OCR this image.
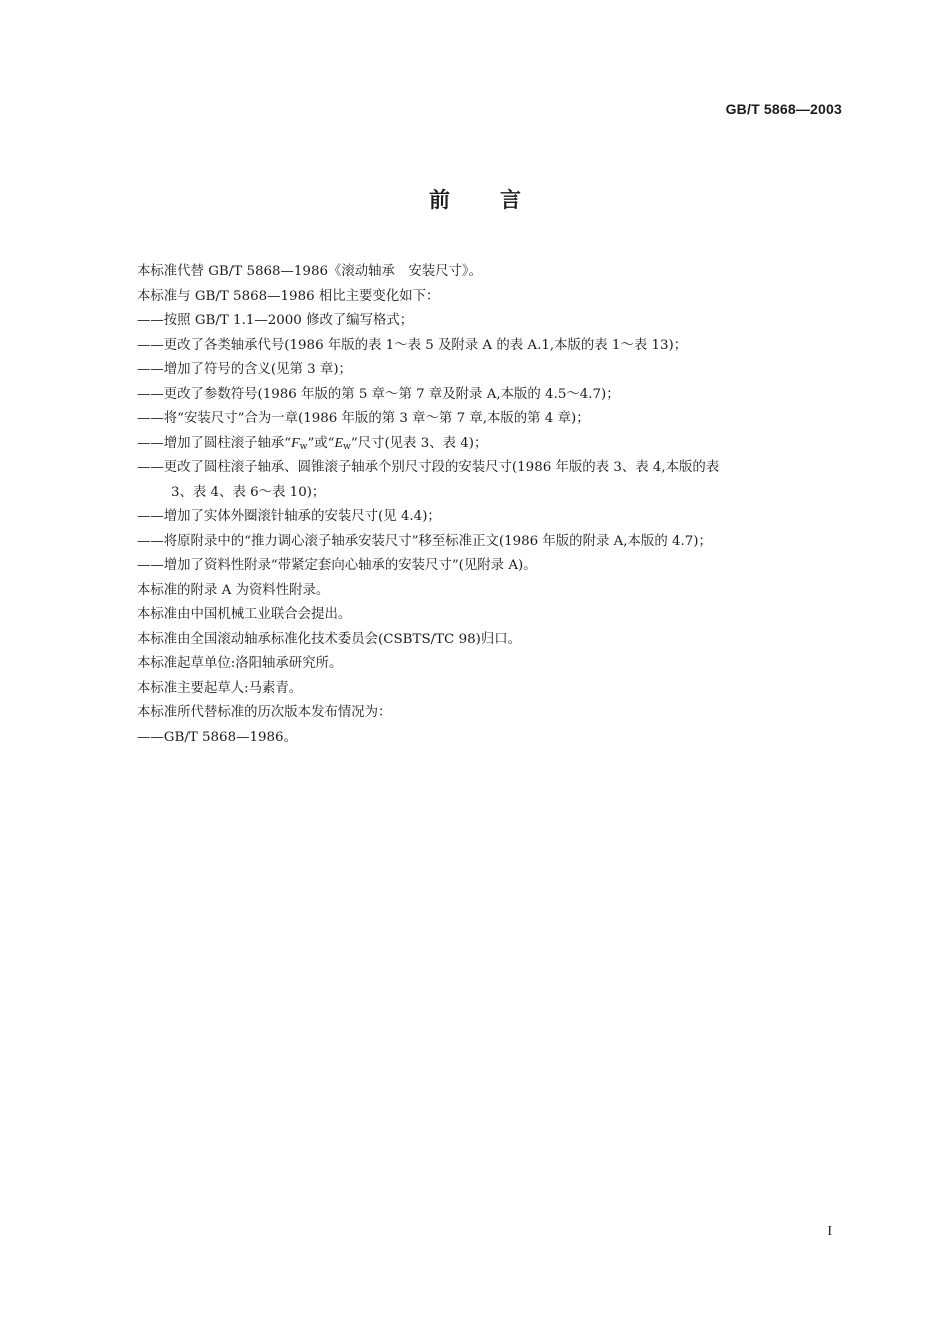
GB/T 5868—2003
前 言
本标准代替 GB/T 5868—1986《滚动轴承　安装尺寸》。
本标准与 GB/T 5868—1986 相比主要变化如下：
——按照 GB/T 1.1—2000 修改了编写格式；
——更改了各类轴承代号(1986 年版的表 1～表 5 及附录 A 的表 A.1,本版的表 1～表 13)；
——增加了符号的含义(见第 3 章)；
——更改了参数符号(1986 年版的第 5 章～第 7 章及附录 A,本版的 4.5～4.7)；
——将“安装尺寸”合为一章(1986 年版的第 3 章～第 7 章,本版的第 4 章)；
——增加了圆柱滚子轴承“$F_w$”或“$E_w$”尺寸(见表 3、表 4)；
——更改了圆柱滚子轴承、圆锥滚子轴承个别尺寸段的安装尺寸(1986 年版的表 3、表 4,本版的表
3、表 4、表 6～表 10)；
——增加了实体外圈滚针轴承的安装尺寸(见 4.4)；
——将原附录中的“推力调心滚子轴承安装尺寸”移至标准正文(1986 年版的附录 A,本版的 4.7)；
——增加了资料性附录“带紧定套向心轴承的安装尺寸”(见附录 A)。
本标准的附录 A 为资料性附录。
本标准由中国机械工业联合会提出。
本标准由全国滚动轴承标准化技术委员会(CSBTS/TC 98)归口。
本标准起草单位:洛阳轴承研究所。
本标准主要起草人:马素青。
本标准所代替标准的历次版本发布情况为：
——GB/T 5868—1986。
I
